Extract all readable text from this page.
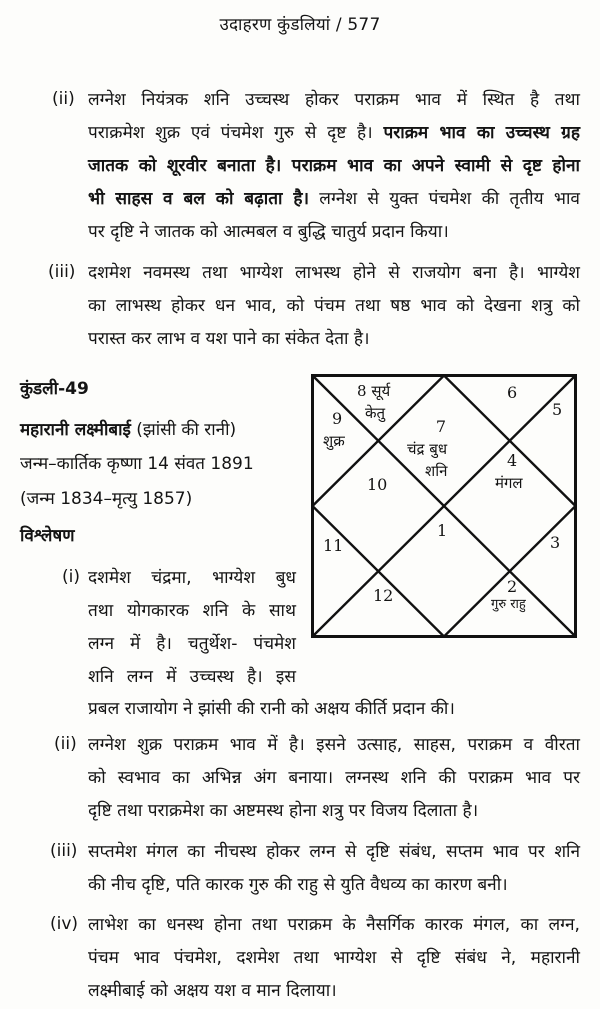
उदाहरण कुंडलियां / 577
(ii) लग्नेश नियंत्रक शनि उच्चस्थ होकर पराक्रम भाव में स्थित है तथा
पराक्रमेश शुक्र एवं पंचमेश गुरु से दृष्ट है। पराक्रम भाव का उच्चस्थ ग्रह
जातक को शूरवीर बनाता है। पराक्रम भाव का अपने स्वामी से दृष्ट होना
भी साहस व बल को बढ़ाता है। लग्नेश से युक्त पंचमेश की तृतीय भाव
पर दृष्टि ने जातक को आत्मबल व बुद्धि चातुर्य प्रदान किया।
(iii) दशमेश नवमस्थ तथा भाग्येश लाभस्थ होने से राजयोग बना है। भाग्येश
का लाभस्थ होकर धन भाव, को पंचम तथा षष्ठ भाव को देखना शत्रु को
परास्त कर लाभ व यश पाने का संकेत देता है।
कुंडली-49
महारानी लक्ष्मीबाई (झांसी की रानी)
जन्म–कार्तिक कृष्णा 14 संवत 1891
(जन्म 1834–मृत्यु 1857)
विश्लेषण
8 सूर्य
केतु
9
शुक्र
7
चंद्र बुध
शनि
6
5
4
मंगल
10
1
11	3
12	2
गुरु राहु
(i) दशमेश चंद्रमा, भाग्येश बुध
तथा योगकारक शनि के साथ
लग्न में है। चतुर्थेश- पंचमेश
शनि लग्न में उच्चस्थ है। इस
प्रबल राजायोग ने झांसी की रानी को अक्षय कीर्ति प्रदान की।
(ii) लग्नेश शुक्र पराक्रम भाव में है। इसने उत्साह, साहस, पराक्रम व वीरता
को स्वभाव का अभिन्न अंग बनाया। लग्नस्थ शनि की पराक्रम भाव पर
दृष्टि तथा पराक्रमेश का अष्टमस्थ होना शत्रु पर विजय दिलाता है।
(iii) सप्तमेश मंगल का नीचस्थ होकर लग्न से दृष्टि संबंध, सप्तम भाव पर शनि
की नीच दृष्टि, पति कारक गुरु की राहु से युति वैधव्य का कारण बनी।
(iv) लाभेश का धनस्थ होना तथा पराक्रम के नैसर्गिक कारक मंगल, का लग्न,
पंचम भाव पंचमेश, दशमेश तथा भाग्येश से दृष्टि संबंध ने, महारानी
लक्ष्मीबाई को अक्षय यश व मान दिलाया।
